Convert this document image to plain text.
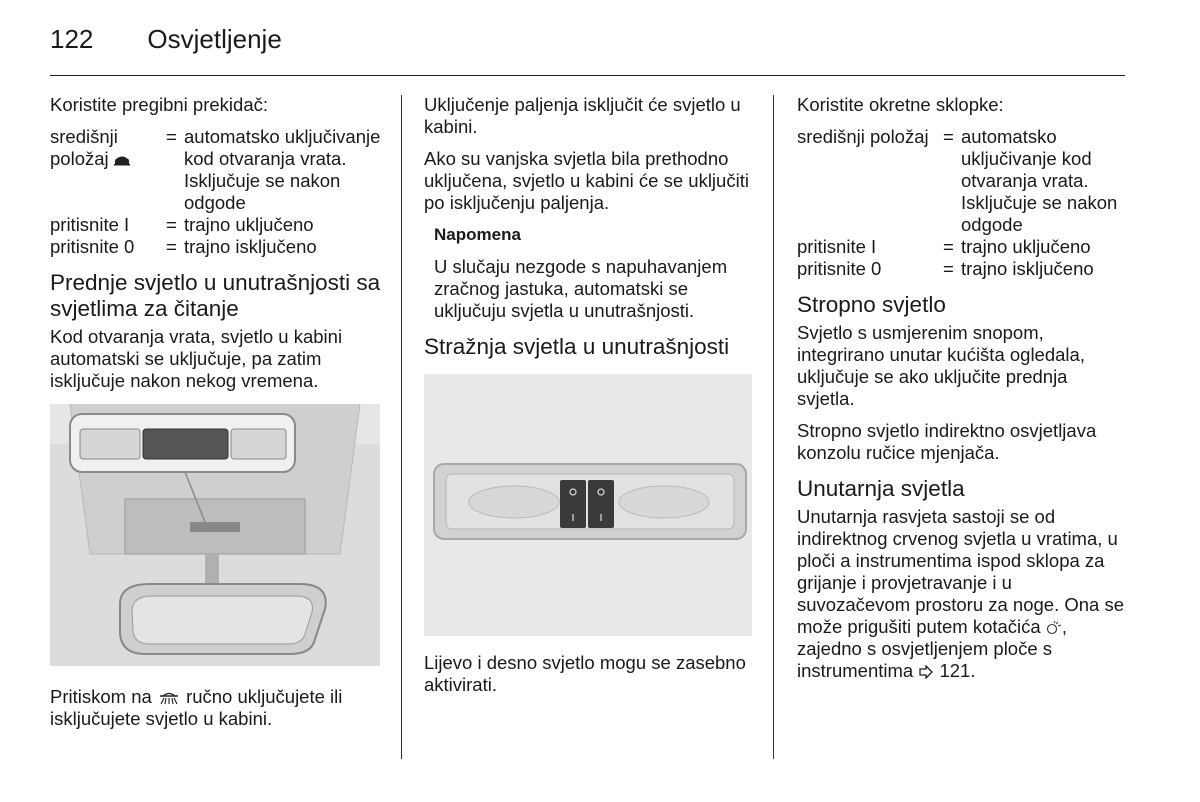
122 Osvjetljenje

Koristite pregibni prekidač:

središnji položaj
= automatsko uključivanje kod otvaranja vrata. Isključuje se nakon odgode
pritisnite I	= trajno uključeno
pritisnite 0	= trajno isključeno
Prednje svjetlo u unutrašnjosti sa svjetlima za čitanje

Kod otvaranja vrata, svjetlo u kabini automatski se uključuje, pa zatim isključuje nakon nekog vremena.

Pritiskom na ručno uključujete ili isključujete svjetlo u kabini.

Uključenje paljenja isključit će svjetlo u kabini.

Ako su vanjska svjetla bila prethodno uključena, svjetlo u kabini će se uključiti po isključenju paljenja.

Napomena

U slučaju nezgode s napuhavanjem zračnog jastuka, automatski se uključuju svjetla u unutrašnjosti.

Stražnja svjetla u unutrašnjosti

Lijevo i desno svjetlo mogu se zasebno aktivirati.

Koristite okretne sklopke:

središnji položaj = automatsko uključivanje kod otvaranja vrata. Isključuje se nakon odgode
pritisnite I	= trajno uključeno
pritisnite 0	= trajno isključeno
Stropno svjetlo

Svjetlo s usmjerenim snopom, integrirano unutar kućišta ogledala, uključuje se ako uključite prednja svjetla.

Stropno svjetlo indirektno osvjetljava konzolu ručice mjenjača.

Unutarnja svjetla

Unutarnja rasvjeta sastoji se od indirektnog crvenog svjetla u vratima, u ploči a instrumentima ispod sklopa za grijanje i provjetravanje i u suvozačevom prostoru za noge. Ona se može prigušiti putem kotačića , zajedno s osvjetljenjem ploče s instrumentima 121.
